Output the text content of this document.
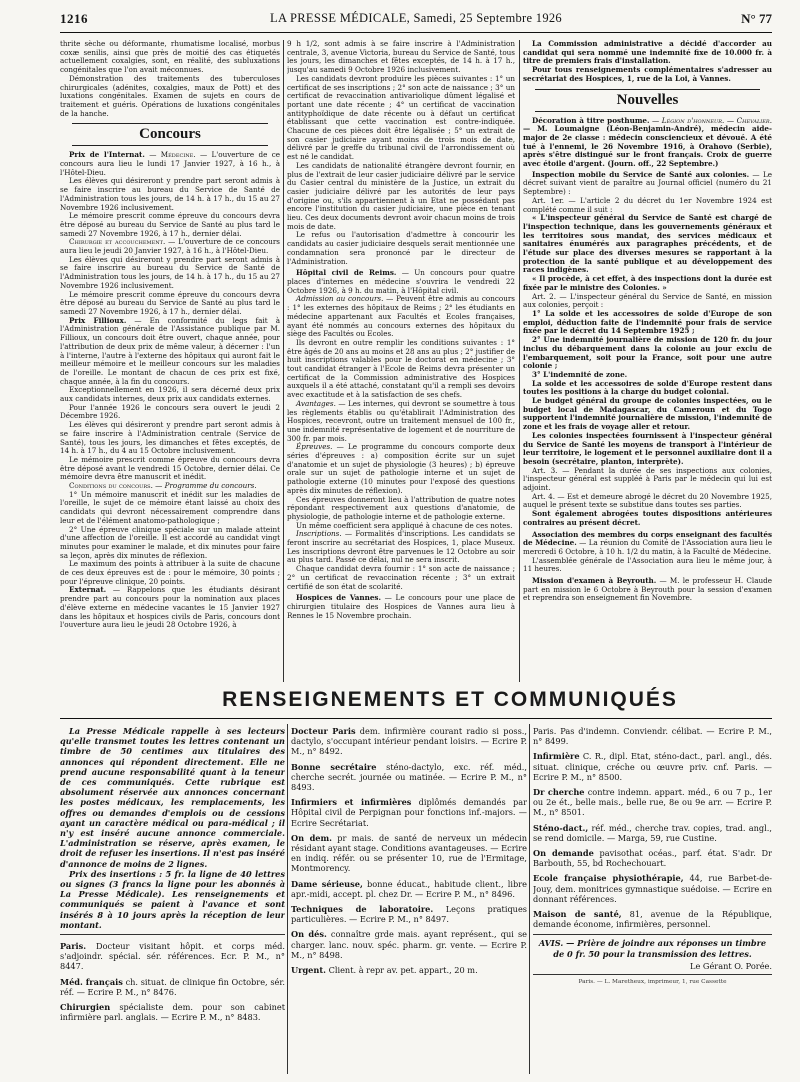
1216	LA PRESSE MÉDICALE, Samedi, 25 Septembre 1926	N° 77

thrite sèche ou déformante, rhumatisme localisé, morbus coxæ senilis, ainsi que près de moitié des cas étiquetés actuellement coxalgies, sont, en réalité, des subluxations congénitales que l'on avait méconnues.

Démonstration des traitements des tuberculoses chirurgicales (adénites, coxalgies, maux de Pott) et des luxations congénitales. Examen de sujets en cours de traitement et guéris. Opérations de luxations congénitales de la hanche.

Concours

Prix de l'Internat. — Médecine. — L'ouverture de ce concours aura lieu le lundi 17 Janvier 1927, à 16 h., à l'Hôtel-Dieu.

Les élèves qui désireront y prendre part seront admis à se faire inscrire au bureau du Service de Santé de l'Administration tous les jours, de 14 h. à 17 h., du 15 au 27 Novembre 1926 inclusivement.

Le mémoire prescrit comme épreuve du concours devra être déposé au bureau du Service de Santé au plus tard le samedi 27 Novembre 1926, à 17 h., dernier délai.

Chirurgie et accouchement. — L'ouverture de ce concours aura lieu le jeudi 20 Janvier 1927, à 16 h., à l'Hôtel-Dieu.

Les élèves qui désireront y prendre part seront admis à se faire inscrire au bureau du Service de Santé de l'Administration tous les jours, de 14 h. à 17 h., du 15 au 27 Novembre 1926 inclusivement.

Le mémoire prescrit comme épreuve du concours devra être déposé au bureau du Service de Santé au plus tard le samedi 27 Novembre 1926, à 17 h., dernier délai.

Prix Fillioux. — En conformité du legs fait à l'Administration générale de l'Assistance publique par M. Fillioux, un concours doit être ouvert, chaque année, pour l'attribution de deux prix de même valeur, à décerner : l'un à l'interne, l'autre à l'externe des hôpitaux qui auront fait le meilleur mémoire et le meilleur concours sur les maladies de l'oreille. Le montant de chacun de ces prix est fixé, chaque année, à la fin du concours.

Exceptionnellement en 1926, il sera décerné deux prix aux candidats internes, deux prix aux candidats externes.

Pour l'année 1926 le concours sera ouvert le jeudi 2 Décembre 1926.

Les élèves qui désireront y prendre part seront admis à se faire inscrire à l'Administration centrale (Service de Santé), tous les jours, les dimanches et fêtes exceptés, de 14 h. à 17 h., du 4 au 15 Octobre inclusivement.

Le mémoire prescrit comme épreuve du concours devra être déposé avant le vendredi 15 Octobre, dernier délai. Ce mémoire devra être manuscrit et inédit.

Conditions du concours. — Programme du concours.

1° Un mémoire manuscrit et inédit sur les maladies de l'oreille, le sujet de ce mémoire étant laissé au choix des candidats qui devront nécessairement comprendre dans leur et de l'élément anatomo-pathologique ;

2° Une épreuve clinique spéciale sur un malade atteint d'une affection de l'oreille. Il est accordé au candidat vingt minutes pour examiner le malade, et dix minutes pour faire sa leçon, après dix minutes de réflexion.

Le maximum des points à attribuer à la suite de chacune de ces deux épreuves est de : pour le mémoire, 30 points ; pour l'épreuve clinique, 20 points.

Externat. — Rappelons que les étudiants désirant prendre part au concours pour la nomination aux places d'élève externe en médecine vacantes le 15 Janvier 1927 dans les hôpitaux et hospices civils de Paris, concours dont l'ouverture aura lieu le jeudi 28 Octobre 1926, à

9 h 1/2, sont admis à se faire inscrire à l'Administration centrale, 3, avenue Victoria, bureau du Service de Santé, tous les jours, les dimanches et fêtes exceptés, de 14 h. à 17 h., jusqu'au samedi 9 Octobre 1926 inclusivement.

Les candidats devront produire les pièces suivantes : 1° un certificat de ses inscriptions ; 2° son acte de naissance ; 3° un certificat de revaccination antivariolique dûment légalisé et portant une date récente ; 4° un certificat de vaccination antityphoïdique de date récente ou à défaut un certificat établissant que cette vaccination est contre-indiquée. Chacune de ces pièces doit être légalisée ; 5° un extrait de son casier judiciaire ayant moins de trois mois de date, délivré par le greffe du tribunal civil de l'arrondissement où est né le candidat.

Les candidats de nationalité étrangère devront fournir, en plus de l'extrait de leur casier judiciaire délivré par le service du Casier central du ministère de la Justice, un extrait du casier judiciaire délivré par les autorités de leur pays d'origine ou, s'ils appartiennent à un Etat ne possédant pas encore l'institution du casier judiciaire, une pièce en tenant lieu. Ces deux documents devront avoir chacun moins de trois mois de date.

Le refus ou l'autorisation d'admettre à concourir les candidats au casier judiciaire desquels serait mentionnée une condamnation sera prononcé par le directeur de l'Administration.

Hôpital civil de Reims. — Un concours pour quatre places d'internes en médecine s'ouvrira le vendredi 22 Octobre 1926, à 9 h. du matin, à l'Hôpital civil.

Admission au concours. — Peuvent être admis au concours : 1° les externes des hôpitaux de Reims ; 2° les étudiants en médecine appartenant aux Facultés et Ecoles françaises, ayant été nommés au concours externes des hôpitaux du siège des Facultés ou Ecoles.

Ils devront en outre remplir les conditions suivantes : 1° être âgés de 20 ans au moins et 28 ans au plus ; 2° justifier de huit inscriptions valables pour le doctorat en médecine ; 3° tout candidat étranger à l'Ecole de Reims devra présenter un certificat de la Commission administrative des Hospices auxquels il a été attaché, constatant qu'il a rempli ses devoirs avec exactitude et à la satisfaction de ses chefs.

Avantages. — Les internes, qui devront se soumettre à tous les règlements établis ou qu'établirait l'Administration des Hospices, recevront, outre un traitement mensuel de 100 fr., une indemnité représentative de logement et de nourriture de 300 fr. par mois.

Épreuves. — Le programme du concours comporte deux séries d'épreuves : a) composition écrite sur un sujet d'anatomie et un sujet de physiologie (3 heures) ; b) épreuve orale sur un sujet de pathologie interne et un sujet de pathologie externe (10 minutes pour l'exposé des questions après dix minutes de réflexion).

Ces épreuves donneront lieu à l'attribution de quatre notes répondant respectivement aux questions d'anatomie, de physiologie, de pathologie interne et de pathologie externe.

Un même coefficient sera appliqué à chacune de ces notes.

Inscriptions. — Formalités d'inscriptions. Les candidats se feront inscrire au secrétariat des Hospices, 1, place Museux. Les inscriptions devront être parvenues le 12 Octobre au soir au plus tard. Passé ce délai, nul ne sera inscrit.

Chaque candidat devra fournir : 1° son acte de naissance ; 2° un certificat de revaccination récente ; 3° un extrait certifié de son état de scolarité.

Hospices de Vannes. — Le concours pour une place de chirurgien titulaire des Hospices de Vannes aura lieu à Rennes le 15 Novembre prochain.

La Commission administrative a décidé d'accorder au candidat qui sera nommé une indemnité fixe de 10.000 fr. à titre de premiers frais d'installation.

Pour tous renseignements complémentaires s'adresser au secrétariat des Hospices, 1, rue de la Loi, à Vannes.

Nouvelles

Décoration à titre posthume. — Légion d'honneur. — Chevalier. — M. Loumaigne (Léon-Benjamin-André), médecin aide-major de 2e classe : médecin consciencieux et dévoué. A été tué à l'ennemi, le 26 Novembre 1916, à Orahovo (Serbie), après s'être distingué sur le front français. Croix de guerre avec étoile d'argent. (Journ. off., 22 Septembre.)

Inspection mobile du Service de Santé aux colonies. — Le décret suivant vient de paraître au Journal officiel (numéro du 21 Septembre) :

Art. 1er. — L'article 2 du décret du 1er Novembre 1924 est complété comme il suit :

« L'inspecteur général du Service de Santé est chargé de l'inspection technique, dans les gouvernements généraux et les territoires sous mandat, des services médicaux et sanitaires énumérés aux paragraphes précédents, et de l'étude sur place des diverses mesures se rapportant à la protection de la santé publique et au développement des races indigènes.

« Il procède, à cet effet, à des inspections dont la durée est fixée par le ministre des Colonies. »

Art. 2. — L'inspecteur général du Service de Santé, en mission aux colonies, perçoit :

1° La solde et les accessoires de solde d'Europe de son emploi, déduction faite de l'indemnité pour frais de service fixée par le décret du 14 Septembre 1925 ;

2° Une indemnité journalière de mission de 120 fr. du jour inclus du débarquement dans la colonie au jour exclu de l'embarquement, soit pour la France, soit pour une autre colonie ;

3° L'indemnité de zone.

La solde et les accessoires de solde d'Europe restent dans toutes les positions à la charge du budget colonial.

Le budget général du groupe de colonies inspectées, ou le budget local de Madagascar, du Cameroun et du Togo supportent l'indemnité journalière de mission, l'indemnité de zone et les frais de voyage aller et retour.

Les colonies inspectées fournissent à l'inspecteur général du Service de Santé les moyens de transport à l'intérieur de leur territoire, le logement et le personnel auxiliaire dont il a besoin (secrétaire, planton, interprète).

Art. 3. — Pendant la durée de ses inspections aux colonies, l'inspecteur général est suppléé à Paris par le médecin qui lui est adjoint.

Art. 4. — Est et demeure abrogé le décret du 20 Novembre 1925, auquel le présent texte se substitue dans toutes ses parties.

Sont également abrogées toutes dispositions antérieures contraires au présent décret.

Association des membres du corps enseignant des facultés de Médecine. — La réunion du Comité de l'Association aura lieu le mercredi 6 Octobre, à 10 h. 1/2 du matin, à la Faculté de Médecine.

L'assemblée générale de l'Association aura lieu le même jour, à 11 heures.

Mission d'examen à Beyrouth. — M. le professeur H. Claude part en mission le 6 Octobre à Beyrouth pour la session d'examen et reprendra son enseignement fin Novembre.

RENSEIGNEMENTS ET COMMUNIQUÉS

La Presse Médicale rappelle à ses lecteurs qu'elle transmet toutes les lettres contenant un timbre de 50 centimes aux titulaires des annonces qui répondent directement. Elle ne prend aucune responsabilité quant à la teneur de ces communiqués. Cette rubrique est absolument réservée aux annonces concernant les postes médicaux, les remplacements, les offres ou demandes d'emplois ou de cessions ayant un caractère médical ou para-médical ; il n'y est inséré aucune annonce commerciale. L'administration se réserve, après examen, le droit de refuser les insertions. Il n'est pas inséré d'annonce de moins de 2 lignes.

Prix des insertions : 5 fr. la ligne de 40 lettres ou signes (3 francs la ligne pour les abonnés à La Presse Médicale). Les renseignements et communiqués se paient à l'avance et sont insérés 8 à 10 jours après la réception de leur montant.

Paris. Docteur visitant hôpit. et corps méd. s'adjoindr. spécial. sér. références. Ecr. P. M., n° 8447.

Méd. français ch. situat. de clinique fin Octobre, sér. réf. — Ecrire P. M., n° 8476.

Chirurgien spécialiste dem. pour son cabinet infirmière parl. anglais. — Ecrire P. M., n° 8483.

Docteur Paris dem. infirmière courant radio si poss., dactylo, s'occupant intérieur pendant loisirs. — Ecrire P. M., n° 8492.

Bonne secrétaire sténo-dactylo, exc. réf. méd., cherche secrét. journée ou matinée. — Ecrire P. M., n° 8493.

Infirmiers et infirmières diplômés demandés par Hôpital civil de Perpignan pour fonctions inf.-majors. — Ecrire Secrétariat.

On dem. pr mais. de santé de nerveux un médecin résidant ayant stage. Conditions avantageuses. — Ecrire en indiq. référ. ou se présenter 10, rue de l'Ermitage, Montmorency.

Dame sérieuse, bonne éducat., habitude client., libre apr.-midi, accept. pl. chez Dr. — Ecrire P. M., n° 8496.

Techniques de laboratoire. Leçons pratiques particulières. — Ecrire P. M., n° 8497.

On dés. connaître grde mais. ayant représent., qui se charger. lanc. nouv. spéc. pharm. gr. vente. — Ecrire P. M., n° 8498.

Urgent. Client. à repr av. pet. appart., 20 m.

Paris. Pas d'indemn. Conviendr. célibat. — Ecrire P. M., n° 8499.

Infirmière C. R., dipl. Etat, sténo-dact., parl. angl., dés. situat. clinique, créche ou œuvre priv. cnf. Paris. — Ecrire P. M., n° 8500.

Dr cherche contre indemn. appart. méd., 6 ou 7 p., 1er ou 2e ét., belle mais., belle rue, 8e ou 9e arr. — Ecrire P. M., n° 8501.

Sténo-dact., réf. méd., cherche trav. copies, trad. angl., se rend domicile. — Marga, 59, rue Custine.

On demande pavisothat océas., parf. état. S'adr. Dr Barbouth, 55, bd Rochechouart.

Ecole française physiothérapie, 44, rue Barbet-de-Jouy, dem. monitrices gymnastique suédoise. — Ecrire en donnant références.

Maison de santé, 81, avenue de la République, demande économe, infirmières, personnel.

AVIS. — Prière de joindre aux réponses un timbre de 0 fr. 50 pour la transmission des lettres.
Le Gérant O. Porée.
Paris. — L. Maretheux, imprimeur, 1, rue Cassette
